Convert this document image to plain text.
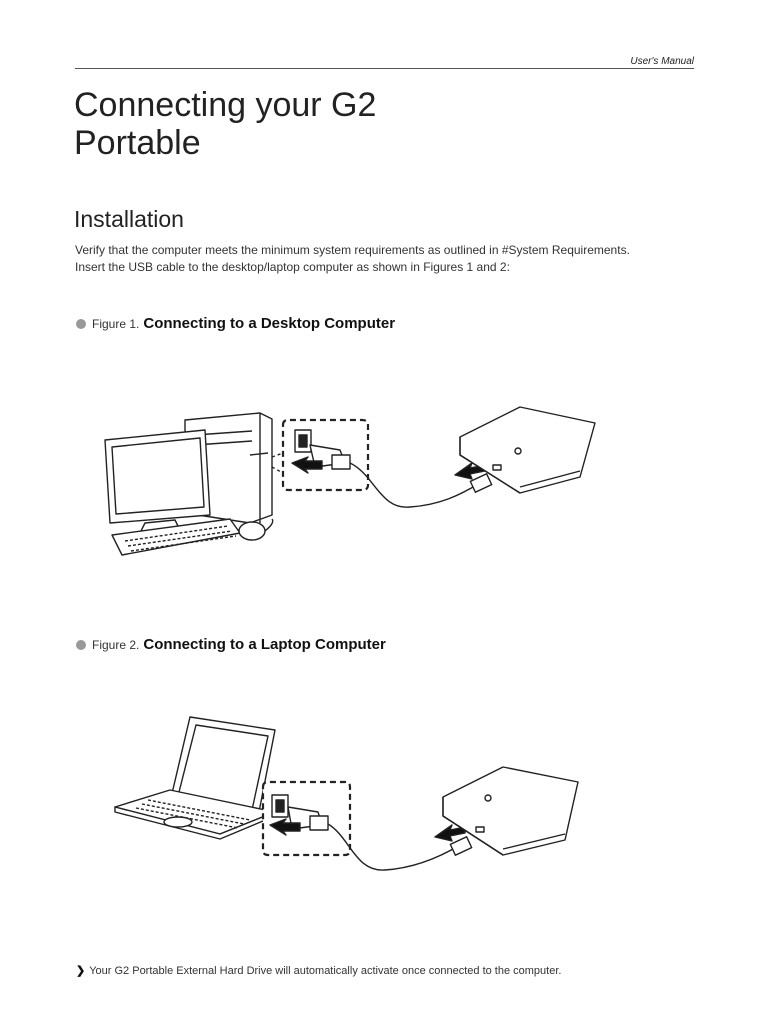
User's Manual
Connecting your G2
Portable
Installation

Verify that the computer meets the minimum system requirements as outlined in #System Requirements.
Insert the USB cable to the desktop/laptop computer as shown in Figures 1 and 2:

Figure 1. Connecting to a Desktop Computer

Figure 2. Connecting to a Laptop Computer

❯ Your G2 Portable External Hard Drive will automatically activate once connected to the computer.
